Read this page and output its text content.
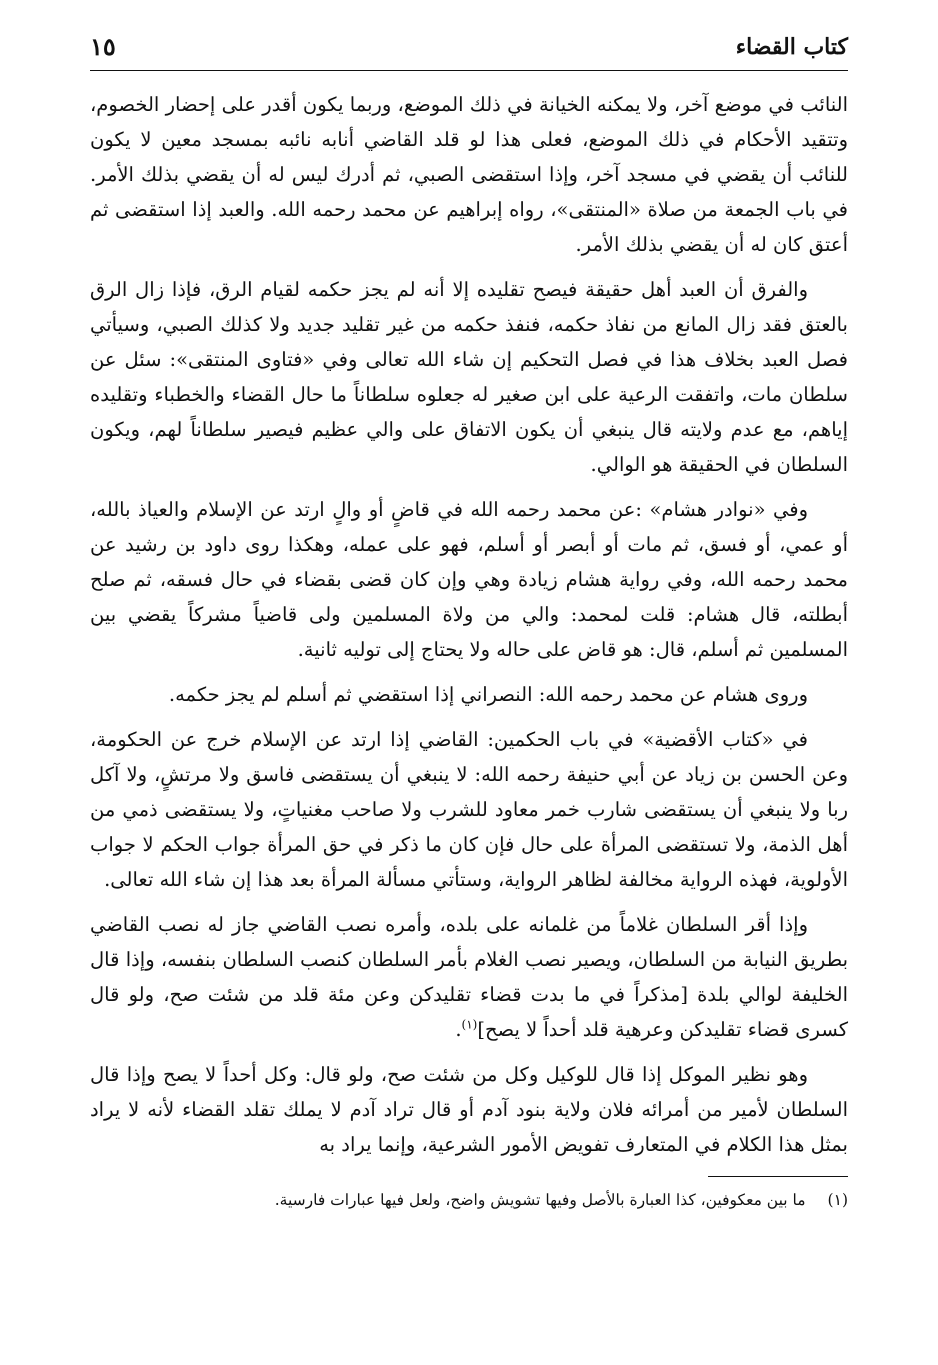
كتاب القضاء
١٥

النائب في موضع آخر، ولا يمكنه الخيانة في ذلك الموضع، وربما يكون أقدر على إحضار الخصوم، وتتقيد الأحكام في ذلك الموضع، فعلى هذا لو قلد القاضي أنابه نائبه بمسجد معين لا يكون للنائب أن يقضي في مسجد آخر، وإذا استقضى الصبي، ثم أدرك ليس له أن يقضي بذلك الأمر. في باب الجمعة من صلاة «المنتقى»، رواه إبراهيم عن محمد رحمه الله. والعبد إذا استقضى ثم أعتق كان له أن يقضي بذلك الأمر.

والفرق أن العبد أهل حقيقة فيصح تقليده إلا أنه لم يجز حكمه لقيام الرق، فإذا زال الرق بالعتق فقد زال المانع من نفاذ حكمه، فنفذ حكمه من غير تقليد جديد ولا كذلك الصبي، وسيأتي فصل العبد بخلاف هذا في فصل التحكيم إن شاء الله تعالى وفي «فتاوى المنتقى»: سئل عن سلطان مات، واتفقت الرعية على ابن صغير له جعلوه سلطاناً ما حال القضاء والخطباء وتقليده إياهم، مع عدم ولايته قال ينبغي أن يكون الاتفاق على والي عظيم فيصير سلطاناً لهم، ويكون السلطان في الحقيقة هو الوالي.

وفي «نوادر هشام» :عن محمد رحمه الله في قاضٍ أو والٍ ارتد عن الإسلام والعياذ بالله، أو عمي، أو فسق، ثم مات أو أبصر أو أسلم، فهو على عمله، وهكذا روى داود بن رشيد عن محمد رحمه الله، وفي رواية هشام زيادة وهي وإن كان قضى بقضاء في حال فسقه، ثم صلح أبطلته، قال هشام: قلت لمحمد: والي من ولاة المسلمين ولى قاضياً مشركاً يقضي بين المسلمين ثم أسلم، قال: هو قاض على حاله ولا يحتاج إلى توليه ثانية.

وروى هشام عن محمد رحمه الله: النصراني إذا استقضي ثم أسلم لم يجز حكمه.

في «كتاب الأقضية» في باب الحكمين: القاضي إذا ارتد عن الإسلام خرج عن الحكومة، وعن الحسن بن زياد عن أبي حنيفة رحمه الله: لا ينبغي أن يستقضى فاسق ولا مرتشٍ، ولا آكل ربا ولا ينبغي أن يستقضى شارب خمر معاود للشرب ولا صاحب مغنياتٍ، ولا يستقضى ذمي من أهل الذمة، ولا تستقضى المرأة على حال فإن كان ما ذكر في حق المرأة جواب الحكم لا جواب الأولوية، فهذه الرواية مخالفة لظاهر الرواية، وستأتي مسألة المرأة بعد هذا إن شاء الله تعالى.

وإذا أقر السلطان غلاماً من غلمانه على بلده، وأمره نصب القاضي جاز له نصب القاضي بطريق النيابة من السلطان، ويصير نصب الغلام بأمر السلطان كنصب السلطان بنفسه، وإذا قال الخليفة لوالي بلدة [مذكراً في ما بدت قضاء تقليدكن وعن مئة قلد من شئت صح، ولو قال كسرى قضاء تقليدكن وعرهية قلد أحداً لا يصح]$^{(١)}$.

وهو نظير الموكل إذا قال للوكيل وكل من شئت صح، ولو قال: وكل أحداً لا يصح وإذا قال السلطان لأمير من أمرائه فلان ولاية بنود آدم أو قال تراد آدم لا يملك تقلد القضاء لأنه لا يراد بمثل هذا الكلام في المتعارف تفويض الأمور الشرعية، وإنما يراد به

(١)
ما بين معكوفين، كذا العبارة بالأصل وفيها تشويش واضح، ولعل فيها عبارات فارسية.
